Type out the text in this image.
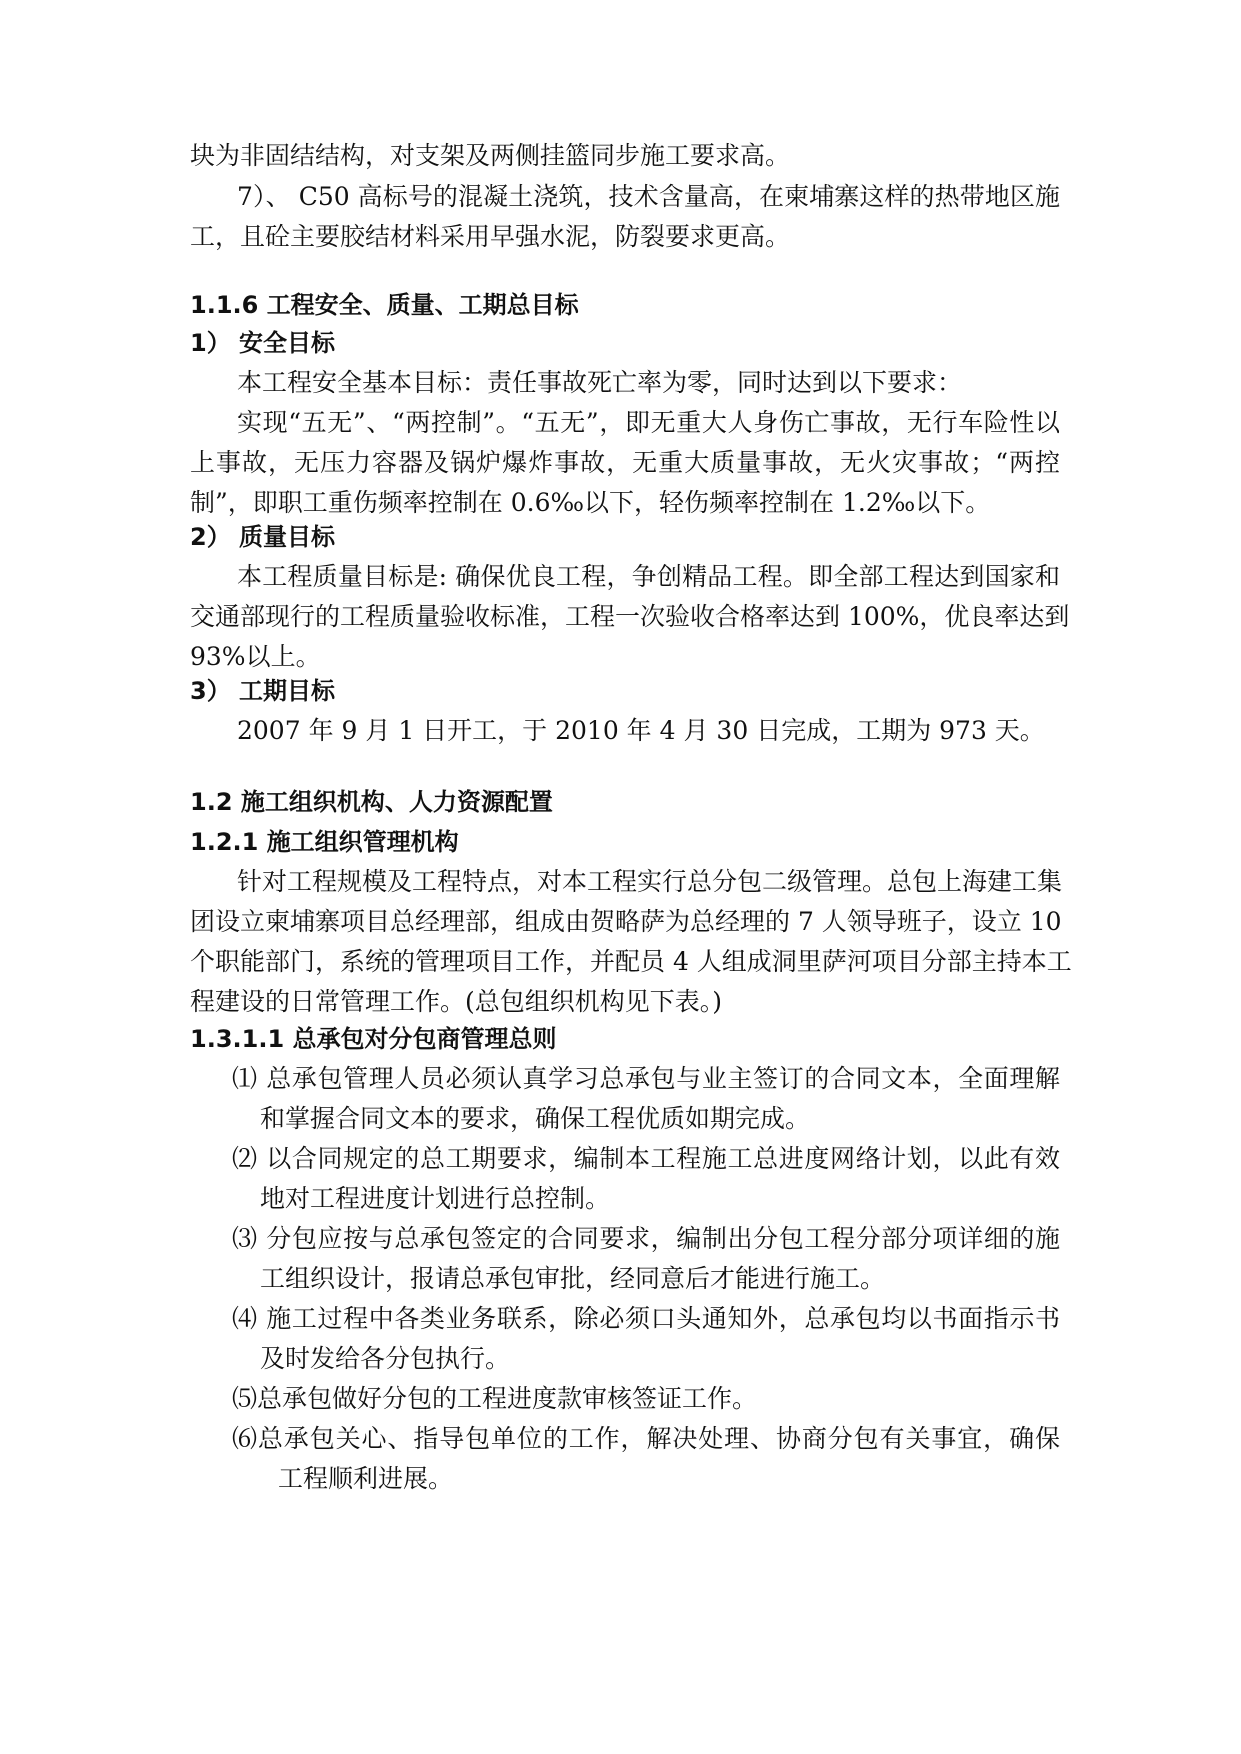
块为非固结结构，对支架及两侧挂篮同步施工要求高。
7）、 C50 高标号的混凝土浇筑，技术含量高，在柬埔寨这样的热带地区施
工，且砼主要胶结材料采用早强水泥，防裂要求更高。
1.1.6 工程安全、质量、工期总目标
1） 安全目标
本工程安全基本目标：责任事故死亡率为零，同时达到以下要求：
实现“五无”、“两控制”。“五无”，即无重大人身伤亡事故，无行车险性以
上事故，无压力容器及锅炉爆炸事故，无重大质量事故，无火灾事故；“两控
制”，即职工重伤频率控制在 0.6‰以下，轻伤频率控制在 1.2‰以下。
2） 质量目标
本工程质量目标是: 确保优良工程，争创精品工程。即全部工程达到国家和
交通部现行的工程质量验收标准，工程一次验收合格率达到 100%，优良率达到
93%以上。
3） 工期目标
2007 年 9 月 1 日开工，于 2010 年 4 月 30 日完成，工期为 973 天。
1.2 施工组织机构、人力资源配置
1.2.1 施工组织管理机构
针对工程规模及工程特点，对本工程实行总分包二级管理。总包上海建工集
团设立柬埔寨项目总经理部，组成由贺略萨为总经理的 7 人领导班子，设立 10
个职能部门，系统的管理项目工作，并配员 4 人组成洞里萨河项目分部主持本工
程建设的日常管理工作。(总包组织机构见下表。)
1.3.1.1 总承包对分包商管理总则
⑴ 总承包管理人员必须认真学习总承包与业主签订的合同文本，全面理解
和掌握合同文本的要求，确保工程优质如期完成。
⑵ 以合同规定的总工期要求，编制本工程施工总进度网络计划，以此有效
地对工程进度计划进行总控制。
⑶ 分包应按与总承包签定的合同要求，编制出分包工程分部分项详细的施
工组织设计，报请总承包审批，经同意后才能进行施工。
⑷ 施工过程中各类业务联系，除必须口头通知外，总承包均以书面指示书
及时发给各分包执行。
⑸总承包做好分包的工程进度款审核签证工作。
⑹总承包关心、指导包单位的工作，解决处理、协商分包有关事宜，确保
工程顺利进展。
